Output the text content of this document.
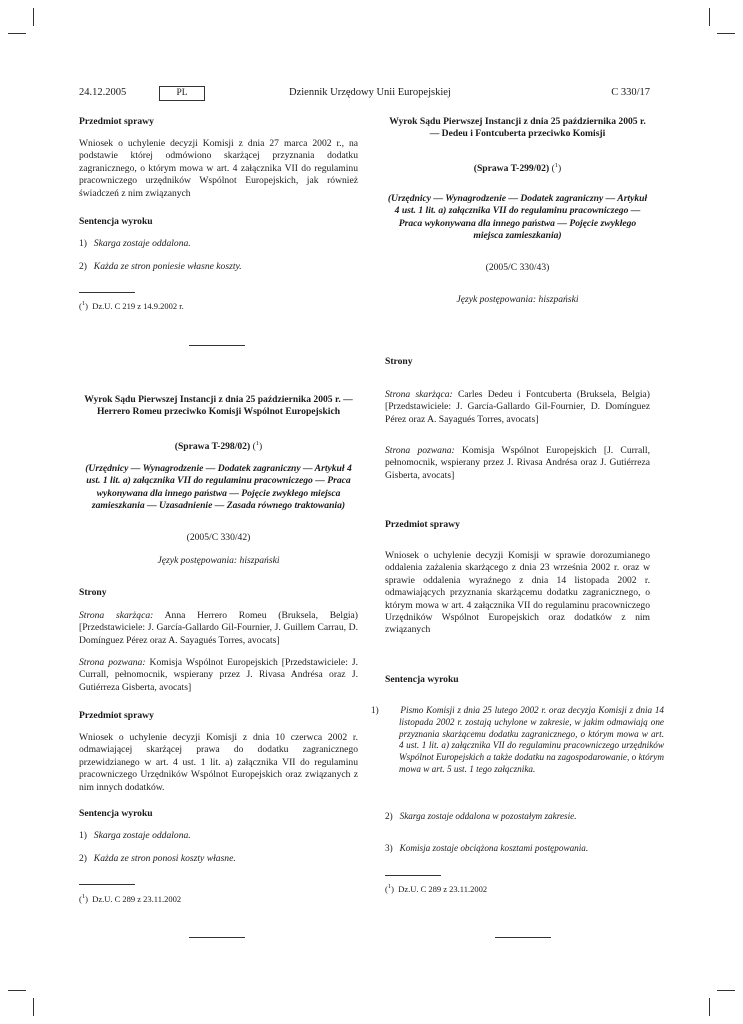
24.12.2005	PL	Dziennik Urzędowy Unii Europejskiej	C 330/17
Przedmiot sprawy

Wniosek o uchylenie decyzji Komisji z dnia 27 marca 2002 r., na podstawie której odmówiono skarżącej przyznania dodatku zagranicznego, o którym mowa w art. 4 załącznika VII do regulaminu pracowniczego urzędników Wspólnot Europejskich, jak również świadczeń z nim związanych

Sentencja wyroku
1) Skarga zostaje oddalona.
2) Każda ze stron poniesie własne koszty.
($^1$)  Dz.U. C 219 z 14.9.2002 r.

Wyrok Sądu Pierwszej Instancji z dnia 25 października 2005 r. — Herrero Romeu przeciwko Komisji Wspólnot Europejskich

(Sprawa T-298/02) ($^1$)

(Urzędnicy — Wynagrodzenie — Dodatek zagraniczny — Artykuł 4 ust. 1 lit. a) załącznika VII do regulaminu pracowniczego — Praca wykonywana dla innego państwa — Pojęcie zwykłego miejsca zamieszkania — Uzasadnienie — Zasada równego traktowania)

(2005/C 330/42)
Język postępowania: hiszpański
Strony

Strona skarżąca: Anna Herrero Romeu (Bruksela, Belgia) [Przedstawiciele: J. García-Gallardo Gil-Fournier, J. Guillem Carrau, D. Domínguez Pérez oraz A. Sayagués Torres, avocats]

Strona pozwana: Komisja Wspólnot Europejskich [Przedstawiciele: J. Currall, pełnomocnik, wspierany przez J. Rivasa Andrésa oraz J. Gutiérreza Gisberta, avocats]

Przedmiot sprawy

Wniosek o uchylenie decyzji Komisji z dnia 10 czerwca 2002 r. odmawiającej skarżącej prawa do dodatku zagranicznego przewidzianego w art. 4 ust. 1 lit. a) załącznika VII do regulaminu pracowniczego Urzędników Wspólnot Europejskich oraz związanych z nim innych dodatków.

Sentencja wyroku
1) Skarga zostaje oddalona.
2) Każda ze stron ponosi koszty własne.
($^1$)  Dz.U. C 289 z 23.11.2002

Wyrok Sądu Pierwszej Instancji z dnia 25 października 2005 r. — Dedeu i Fontcuberta przeciwko Komisji

(Sprawa T-299/02) ($^1$)

(Urzędnicy — Wynagrodzenie — Dodatek zagraniczny — Artykuł 4 ust. 1 lit. a) załącznika VII do regulaminu pracowniczego — Praca wykonywana dla innego państwa — Pojęcie zwykłego miejsca zamieszkania)

(2005/C 330/43)
Język postępowania: hiszpański
Strony

Strona skarżąca: Carles Dedeu i Fontcuberta (Bruksela, Belgia) [Przedstawiciele: J. García-Gallardo Gil-Fournier, D. Domínguez Pérez oraz A. Sayagués Torres, avocats]

Strona pozwana: Komisja Wspólnot Europejskich [J. Currall, pełnomocnik, wspierany przez J. Rivasa Andrésa oraz J. Gutiérreza Gisberta, avocats]

Przedmiot sprawy

Wniosek o uchylenie decyzji Komisji w sprawie dorozumianego oddalenia zażalenia skarżącego z dnia 23 września 2002 r. oraz w sprawie oddalenia wyraźnego z dnia 14 listopada 2002 r. odmawiających przyznania skarżącemu dodatku zagranicznego, o którym mowa w art. 4 załącznika VII do regulaminu pracowniczego Urzędników Wspólnot Europejskich oraz dodatków z nim związanych

Sentencja wyroku
1) Pismo Komisji z dnia 25 lutego 2002 r. oraz decyzja Komisji z dnia 14 listopada 2002 r. zostają uchylone w zakresie, w jakim odmawiają one przyznania skarżącemu dodatku zagranicznego, o którym mowa w art. 4 ust. 1 lit. a) załącznika VII do regulaminu pracowniczego urzędników Wspólnot Europejskich a także dodatku na zagospodarowanie, o którym mowa w art. 5 ust. 1 tego załącznika.
2) Skarga zostaje oddalona w pozostałym zakresie.
3) Komisja zostaje obciążona kosztami postępowania.
($^1$)  Dz.U. C 289 z 23.11.2002
